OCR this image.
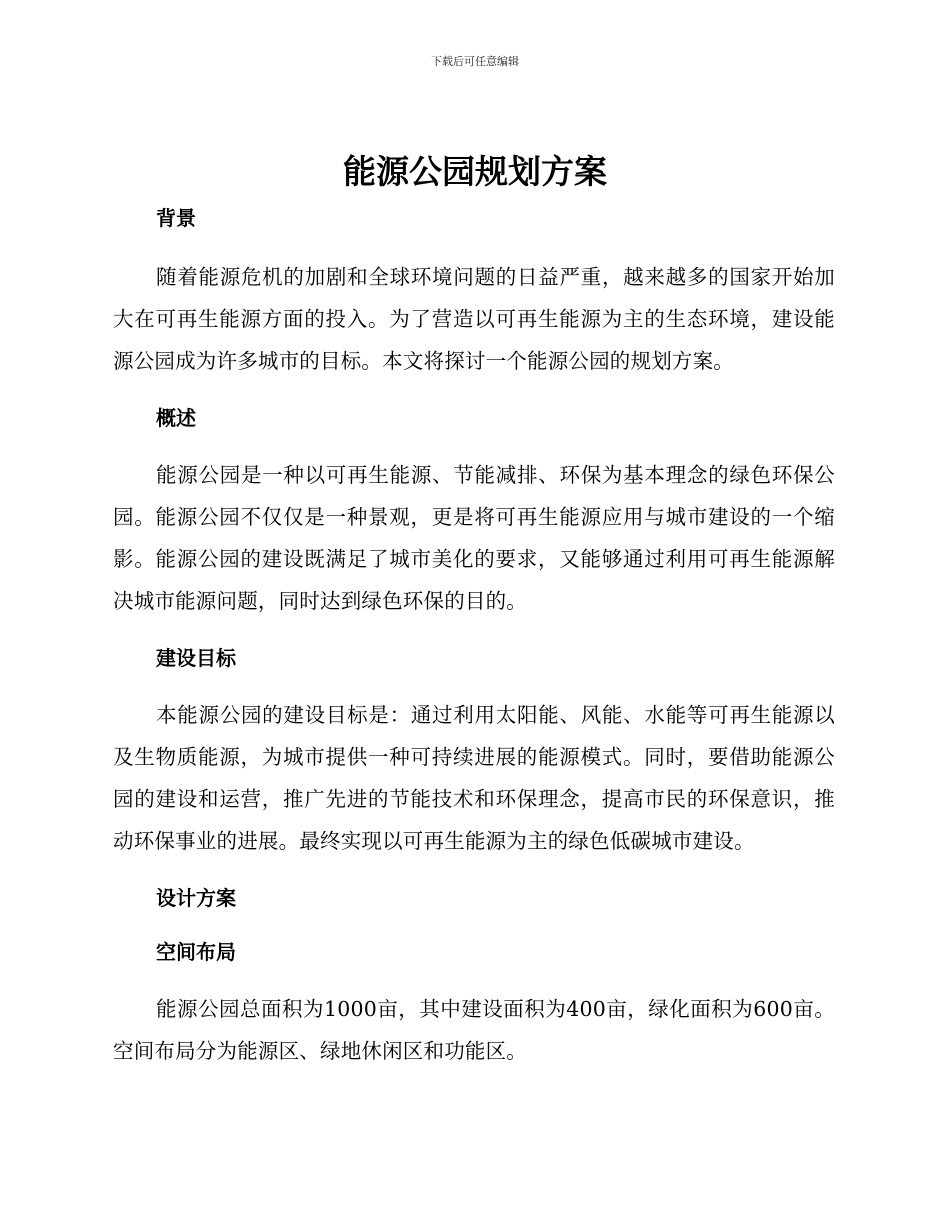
下载后可任意编辑
能源公园规划方案
背景

随着能源危机的加剧和全球环境问题的日益严重，越来越多的国家开始加大在可再生能源方面的投入。为了营造以可再生能源为主的生态环境，建设能源公园成为许多城市的目标。本文将探讨一个能源公园的规划方案。

概述

能源公园是一种以可再生能源、节能减排、环保为基本理念的绿色环保公园。能源公园不仅仅是一种景观，更是将可再生能源应用与城市建设的一个缩影。能源公园的建设既满足了城市美化的要求，又能够通过利用可再生能源解决城市能源问题，同时达到绿色环保的目的。

建设目标

本能源公园的建设目标是：通过利用太阳能、风能、水能等可再生能源以及生物质能源，为城市提供一种可持续进展的能源模式。同时，要借助能源公园的建设和运营，推广先进的节能技术和环保理念，提高市民的环保意识，推动环保事业的进展。最终实现以可再生能源为主的绿色低碳城市建设。

设计方案
空间布局

能源公园总面积为1000亩，其中建设面积为400亩，绿化面积为600亩。空间布局分为能源区、绿地休闲区和功能区。
